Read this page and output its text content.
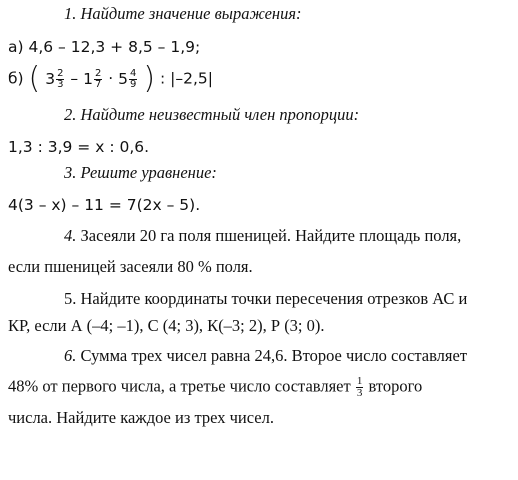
1. Найдите значение выражения:
а) 4,6 – 12,3 + 8,5 – 1,9;
б) ( $3 \frac{2}{3} - 1 \frac{2}{7} \cdot 5 \frac{4}{9}$ ) : |–2,5|
2. Найдите неизвестный член пропорции:
1,3 : 3,9 = x : 0,6.
3. Решите уравнение:
4(3 – x) – 11 = 7(2x – 5).
4. Засеяли 20 га поля пшеницей. Найдите площадь поля,
если пшеницей засеяли 80 % поля.
5. Найдите координаты точки пересечения отрезков АС и
КР, если А (–4; –1), С (4; 3), К(–3; 2), Р (3; 0).
6. Сумма трех чисел равна 24,6. Второе число составляет
48% от первого числа, а третье число составляет $\frac{1}{3}$ второго
числа. Найдите каждое из трех чисел.
